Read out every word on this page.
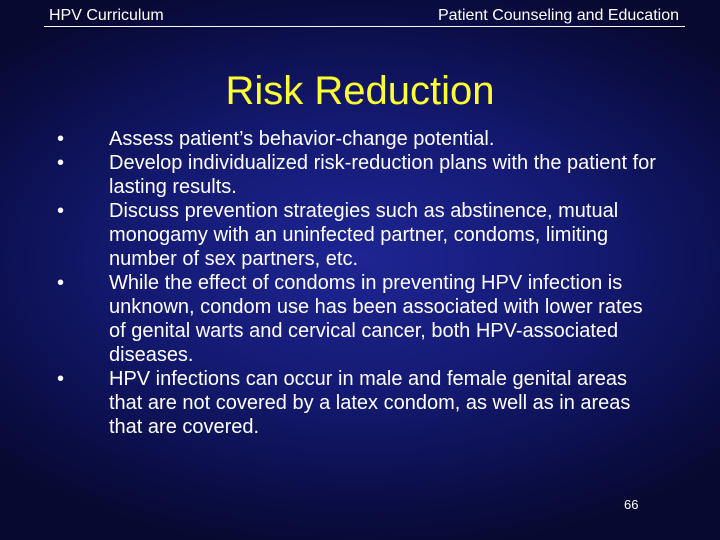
HPV Curriculum	Patient Counseling and Education
Risk Reduction
• Assess patient’s behavior-change potential.
• Develop individualized risk-reduction plans with the patient for lasting results.
• Discuss prevention strategies such as abstinence, mutual monogamy with an uninfected partner, condoms, limiting number of sex partners, etc.
• While the effect of condoms in preventing HPV infection is unknown, condom use has been associated with lower rates of genital warts and cervical cancer, both HPV-associated diseases.
• HPV infections can occur in male and female genital areas that are not covered by a latex condom, as well as in areas that are covered.
66
